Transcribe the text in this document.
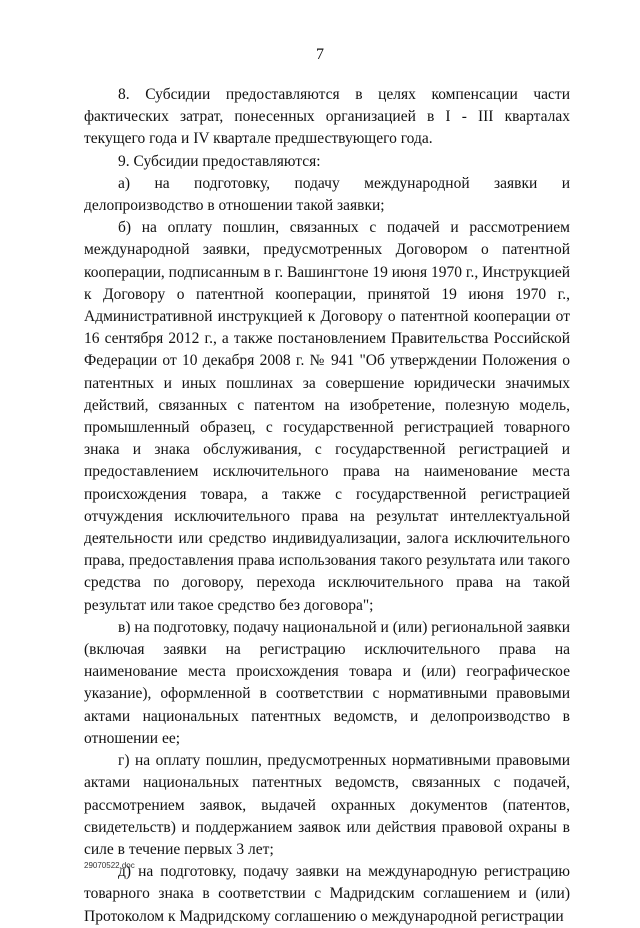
7

8. Субсидии предоставляются в целях компенсации части фактических затрат, понесенных организацией в I - III кварталах текущего года и IV квартале предшествующего года.

9. Субсидии предоставляются:

а) на подготовку, подачу международной заявки и делопроизводство в отношении такой заявки;

б) на оплату пошлин, связанных с подачей и рассмотрением международной заявки, предусмотренных Договором о патентной кооперации, подписанным в г. Вашингтоне 19 июня 1970 г., Инструкцией к Договору о патентной кооперации, принятой 19 июня 1970 г., Административной инструкцией к Договору о патентной кооперации от 16 сентября 2012 г., а также постановлением Правительства Российской Федерации от 10 декабря 2008 г. № 941 "Об утверждении Положения о патентных и иных пошлинах за совершение юридически значимых действий, связанных с патентом на изобретение, полезную модель, промышленный образец, с государственной регистрацией товарного знака и знака обслуживания, с государственной регистрацией и предоставлением исключительного права на наименование места происхождения товара, а также с государственной регистрацией отчуждения исключительного права на результат интеллектуальной деятельности или средство индивидуализации, залога исключительного права, предоставления права использования такого результата или такого средства по договору, перехода исключительного права на такой результат или такое средство без договора";

в) на подготовку, подачу национальной и (или) региональной заявки (включая заявки на регистрацию исключительного права на наименование места происхождения товара и (или) географическое указание), оформленной в соответствии с нормативными правовыми актами национальных патентных ведомств, и делопроизводство в отношении ее;

г) на оплату пошлин, предусмотренных нормативными правовыми актами национальных патентных ведомств, связанных с подачей, рассмотрением заявок, выдачей охранных документов (патентов, свидетельств) и поддержанием заявок или действия правовой охраны в силе в течение первых 3 лет;

д) на подготовку, подачу заявки на международную регистрацию товарного знака в соответствии с Мадридским соглашением и (или) Протоколом к Мадридскому соглашению о международной регистрации

29070522.doc
